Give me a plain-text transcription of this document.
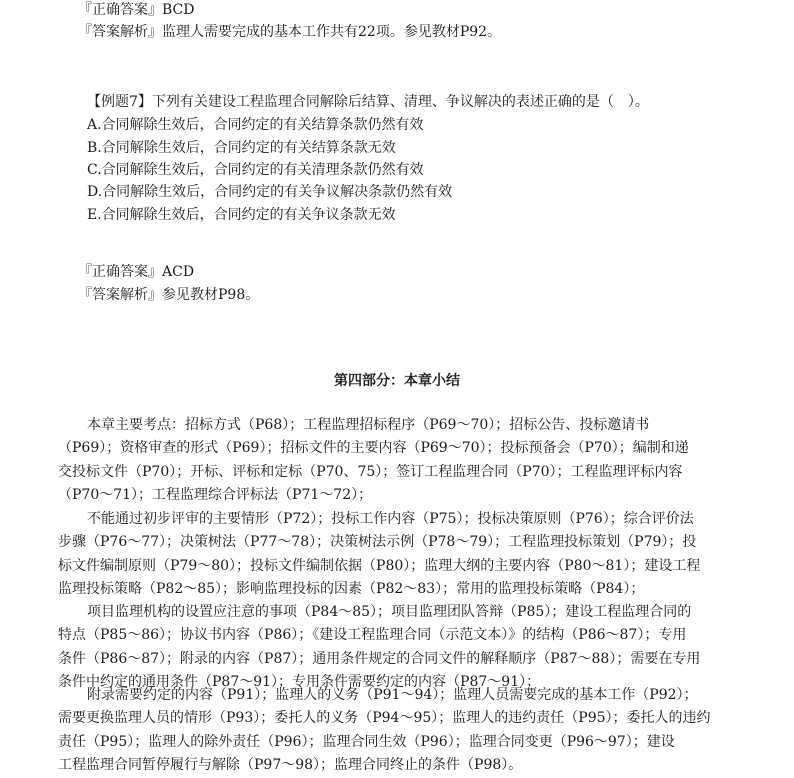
『正确答案』BCD
『答案解析』监理人需要完成的基本工作共有22项。参见教材P92。
【例题7】下列有关建设工程监理合同解除后结算、清理、争议解决的表述正确的是（　）。
A.合同解除生效后，合同约定的有关结算条款仍然有效
B.合同解除生效后，合同约定的有关结算条款无效
C.合同解除生效后，合同约定的有关清理条款仍然有效
D.合同解除生效后，合同约定的有关争议解决条款仍然有效
E.合同解除生效后，合同约定的有关争议条款无效
『正确答案』ACD
『答案解析』参见教材P98。
第四部分：本章小结
本章主要考点：招标方式（P68）；工程监理招标程序（P69～70）；招标公告、投标邀请书
（P69）；资格审查的形式（P69）；招标文件的主要内容（P69～70）；投标预备会（P70）；编制和递
交投标文件（P70）；开标、评标和定标（P70、75）；签订工程监理合同（P70）；工程监理评标内容
（P70～71）；工程监理综合评标法（P71～72）；
不能通过初步评审的主要情形（P72）；投标工作内容（P75）；投标决策原则（P76）；综合评价法
步骤（P76～77）；决策树法（P77～78）；决策树法示例（P78～79）；工程监理投标策划（P79）；投
标文件编制原则（P79～80）；投标文件编制依据（P80）；监理大纲的主要内容（P80～81）；建设工程
监理投标策略（P82～85）；影响监理投标的因素（P82～83）；常用的监理投标策略（P84）；
项目监理机构的设置应注意的事项（P84～85）；项目监理团队答辩（P85）；建设工程监理合同的
特点（P85～86）；协议书内容（P86）；《建设工程监理合同（示范文本）》的结构（P86～87）；专用
条件（P86～87）；附录的内容（P87）；通用条件规定的合同文件的解释顺序（P87～88）；需要在专用
条件中约定的通用条件（P87～91）；专用条件需要约定的内容（P87～91）；
附录需要约定的内容（P91）；监理人的义务（P91～94）；监理人员需要完成的基本工作（P92）；
需要更换监理人员的情形（P93）；委托人的义务（P94～95）；监理人的违约责任（P95）；委托人的违约
责任（P95）；监理人的除外责任（P96）；监理合同生效（P96）；监理合同变更（P96～97）；建设
工程监理合同暂停履行与解除（P97～98）；监理合同终止的条件（P98）。
